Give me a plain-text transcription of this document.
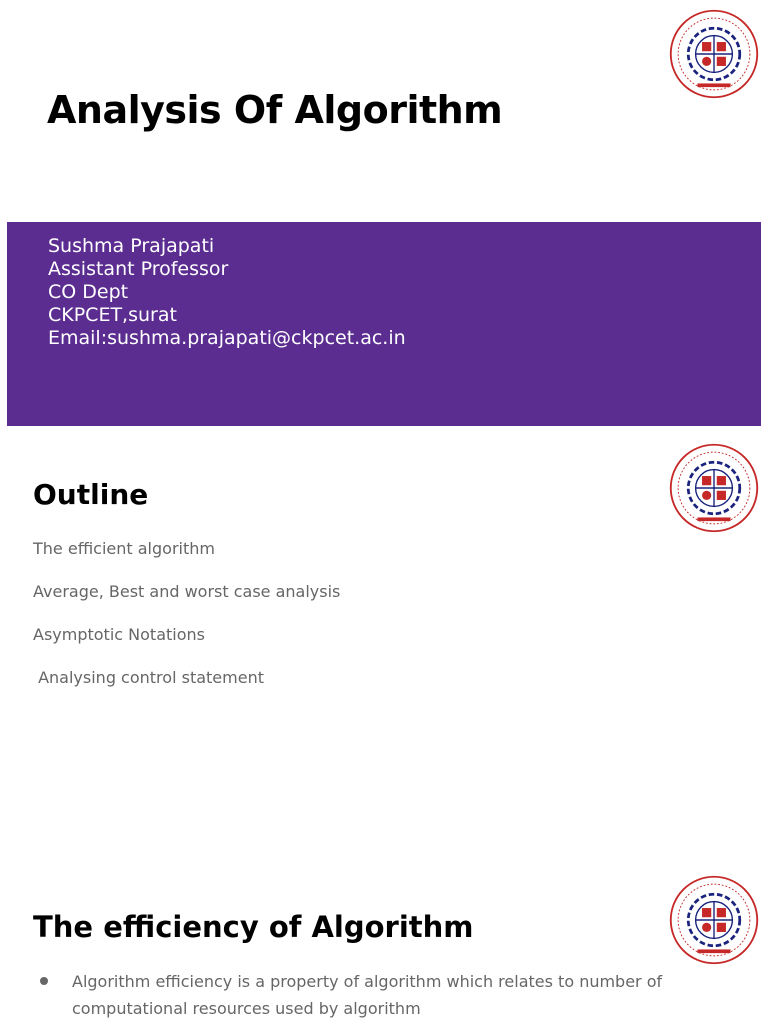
Analysis Of Algorithm
Sushma Prajapati
Assistant Professor
CO Dept
CKPCET,surat
Email:sushma.prajapati@ckpcet.ac.in
Outline
The efficient algorithm
Average, Best and worst case analysis
Asymptotic Notations
Analysing control statement
The efficiency of Algorithm
Algorithm efficiency is a property of algorithm which relates to number of computational resources used by algorithm
